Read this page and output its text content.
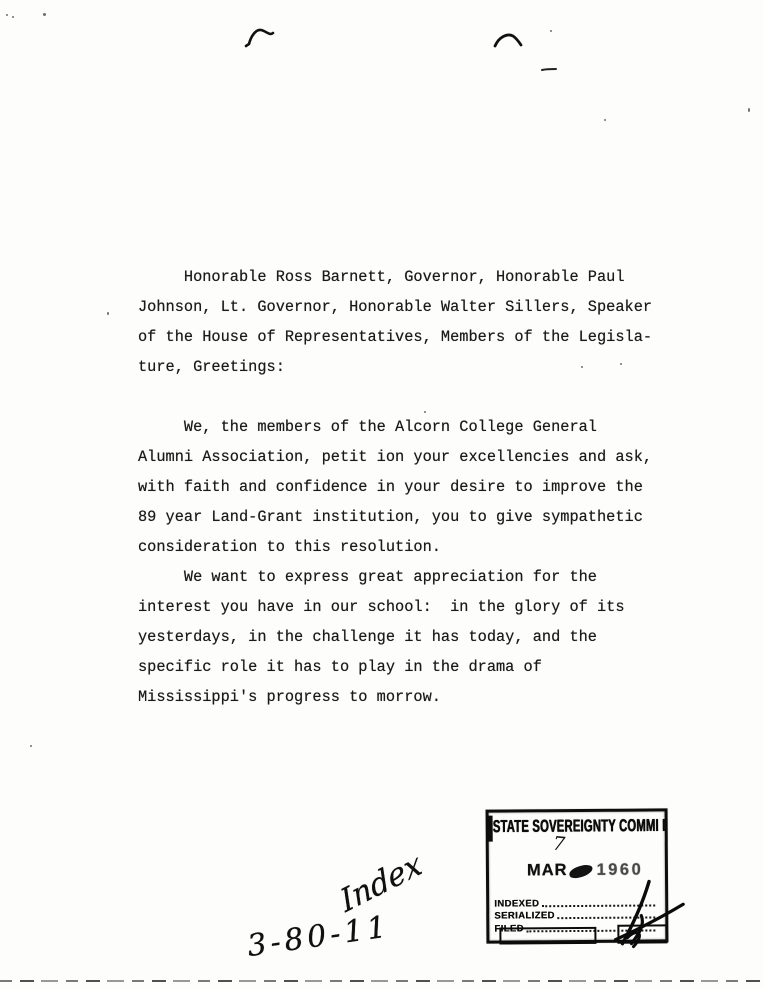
Honorable Ross Barnett, Governor, Honorable Paul
Johnson, Lt. Governor, Honorable Walter Sillers, Speaker
of the House of Representatives, Members of the Legisla-
ture, Greetings:
We, the members of the Alcorn College General
Alumni Association, petit ion your excellencies and ask,
with faith and confidence in your desire to improve the
89 year Land-Grant institution, you to give sympathetic
consideration to this resolution.
We want to express great appreciation for the
interest you have in our school:  in the glory of its
yesterdays, in the challenge it has today, and the
specific role it has to play in the drama of
Mississippi's progress to morrow.
Index
3-80-11
STATE SOVEREIGNTY COMMI I
7
MAR 1960
INDEXED
SERIALIZED
FILED
